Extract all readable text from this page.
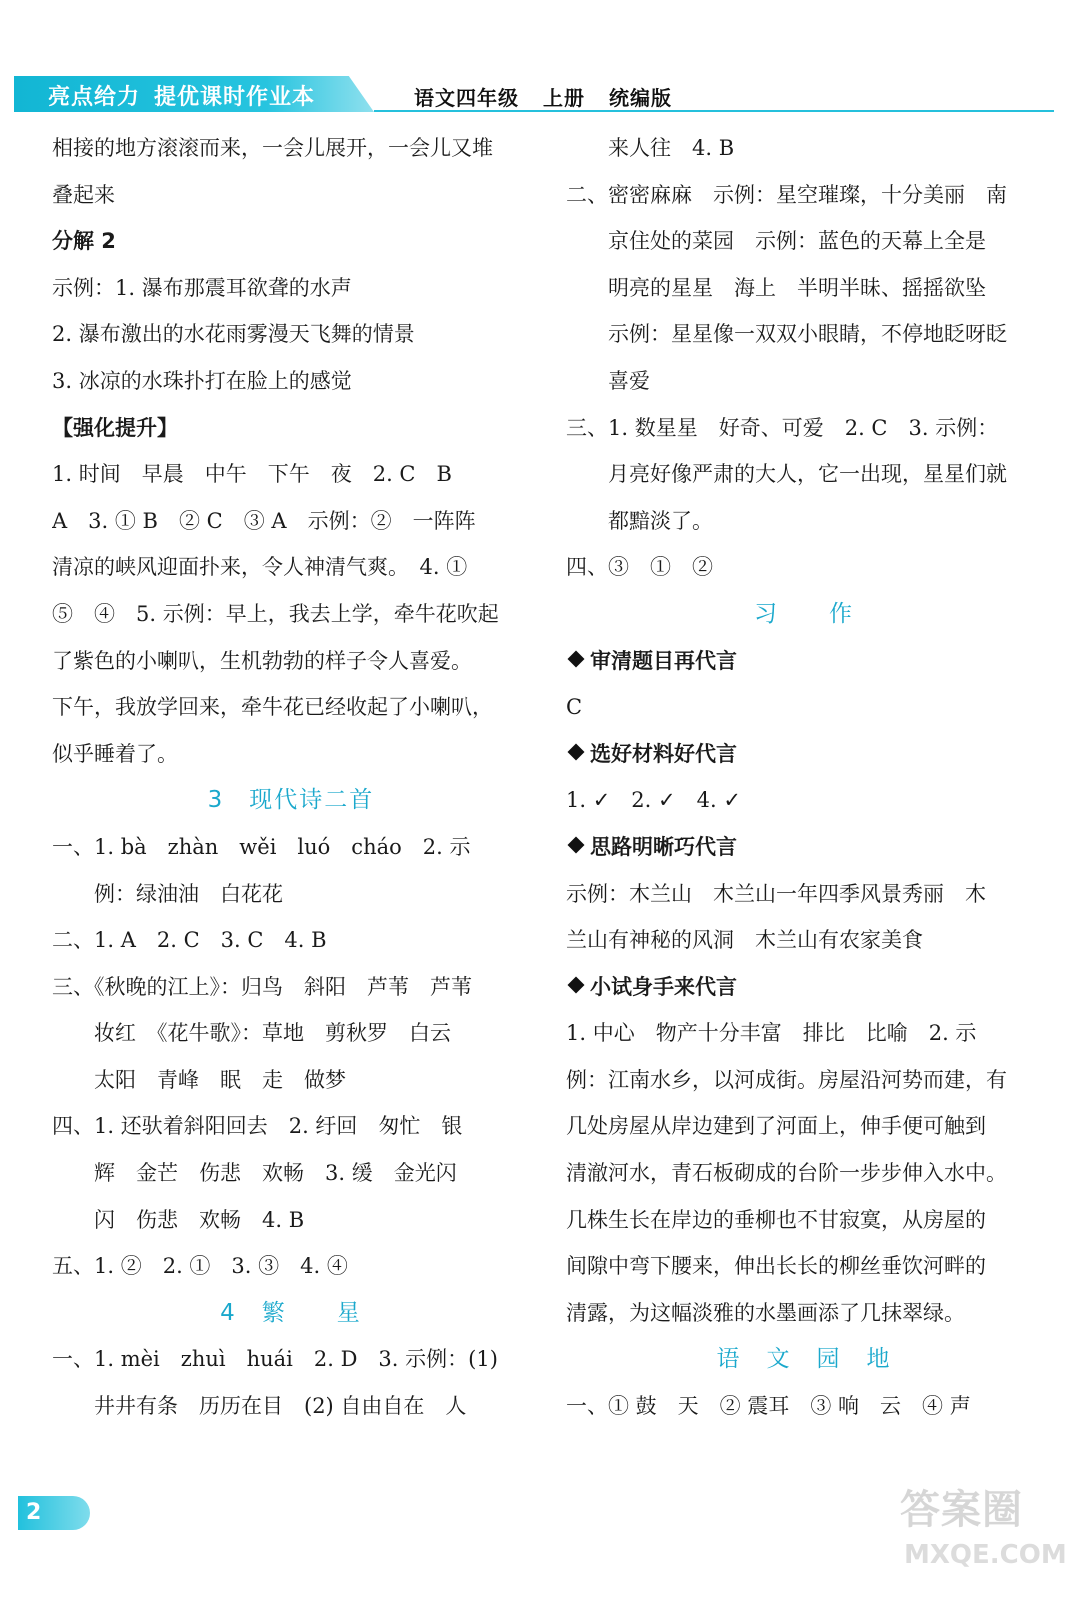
亮点给力 提优课时作业本	语文四年级 上册 统编版
相接的地方滚滚而来，一会儿展开，一会儿又堆
叠起来
分解 2
示例：1. 瀑布那震耳欲聋的水声
2. 瀑布激出的水花雨雾漫天飞舞的情景
3. 冰凉的水珠扑打在脸上的感觉
【强化提升】
1. 时间　早晨　中午　下午　夜　2. C　B
A　3. ① B　② C　③ A　示例：②　一阵阵
清凉的峡风迎面扑来，令人神清气爽。　4. ①
⑤　④　5. 示例：早上，我去上学，牵牛花吹起
了紫色的小喇叭，生机勃勃的样子令人喜爱。
下午，我放学回来，牵牛花已经收起了小喇叭，
似乎睡着了。
3　现代诗二首
一、1. bà　zhàn　wěi　luó　cháo　2. 示
例：绿油油　白花花
二、1. A　2. C　3. C　4. B
三、《秋晚的江上》：归鸟　斜阳　芦苇　芦苇
妆红　《花牛歌》：草地　剪秋罗　白云
太阳　青峰　眠　走　做梦
四、1. 还驮着斜阳回去　2. 纡回　匆忙　银
辉　金芒　伤悲　欢畅　3. 缓　金光闪
闪　伤悲　欢畅　4. B
五、1. ②　2. ①　3. ③　4. ④
4　繁　　星
一、1. mèi　zhuì　huái　2. D　3. 示例：(1)
井井有条　历历在目　(2) 自由自在　人
来人往　4. B
二、密密麻麻　示例：星空璀璨，十分美丽　南
京住处的菜园　示例：蓝色的天幕上全是
明亮的星星　海上　半明半昧、摇摇欲坠
示例：星星像一双双小眼睛，不停地眨呀眨
喜爱
三、1. 数星星　好奇、可爱　2. C　3. 示例：
月亮好像严肃的大人，它一出现，星星们就
都黯淡了。
四、③　①　②
习　　作
审清题目再代言
C
选好材料好代言
1. ✓　2. ✓　4. ✓
思路明晰巧代言
示例：木兰山　木兰山一年四季风景秀丽　木
兰山有神秘的风洞　木兰山有农家美食
小试身手来代言
1. 中心　物产十分丰富　排比　比喻　2. 示
例：江南水乡，以河成街。房屋沿河势而建，有
几处房屋从岸边建到了河面上，伸手便可触到
清澈河水，青石板砌成的台阶一步步伸入水中。
几株生长在岸边的垂柳也不甘寂寞，从房屋的
间隙中弯下腰来，伸出长长的柳丝垂饮河畔的
清露，为这幅淡雅的水墨画添了几抹翠绿。
语　文　园　地
一、① 鼓　天　② 震耳　③ 响　云　④ 声
2	答案圈
MXQE.COM
